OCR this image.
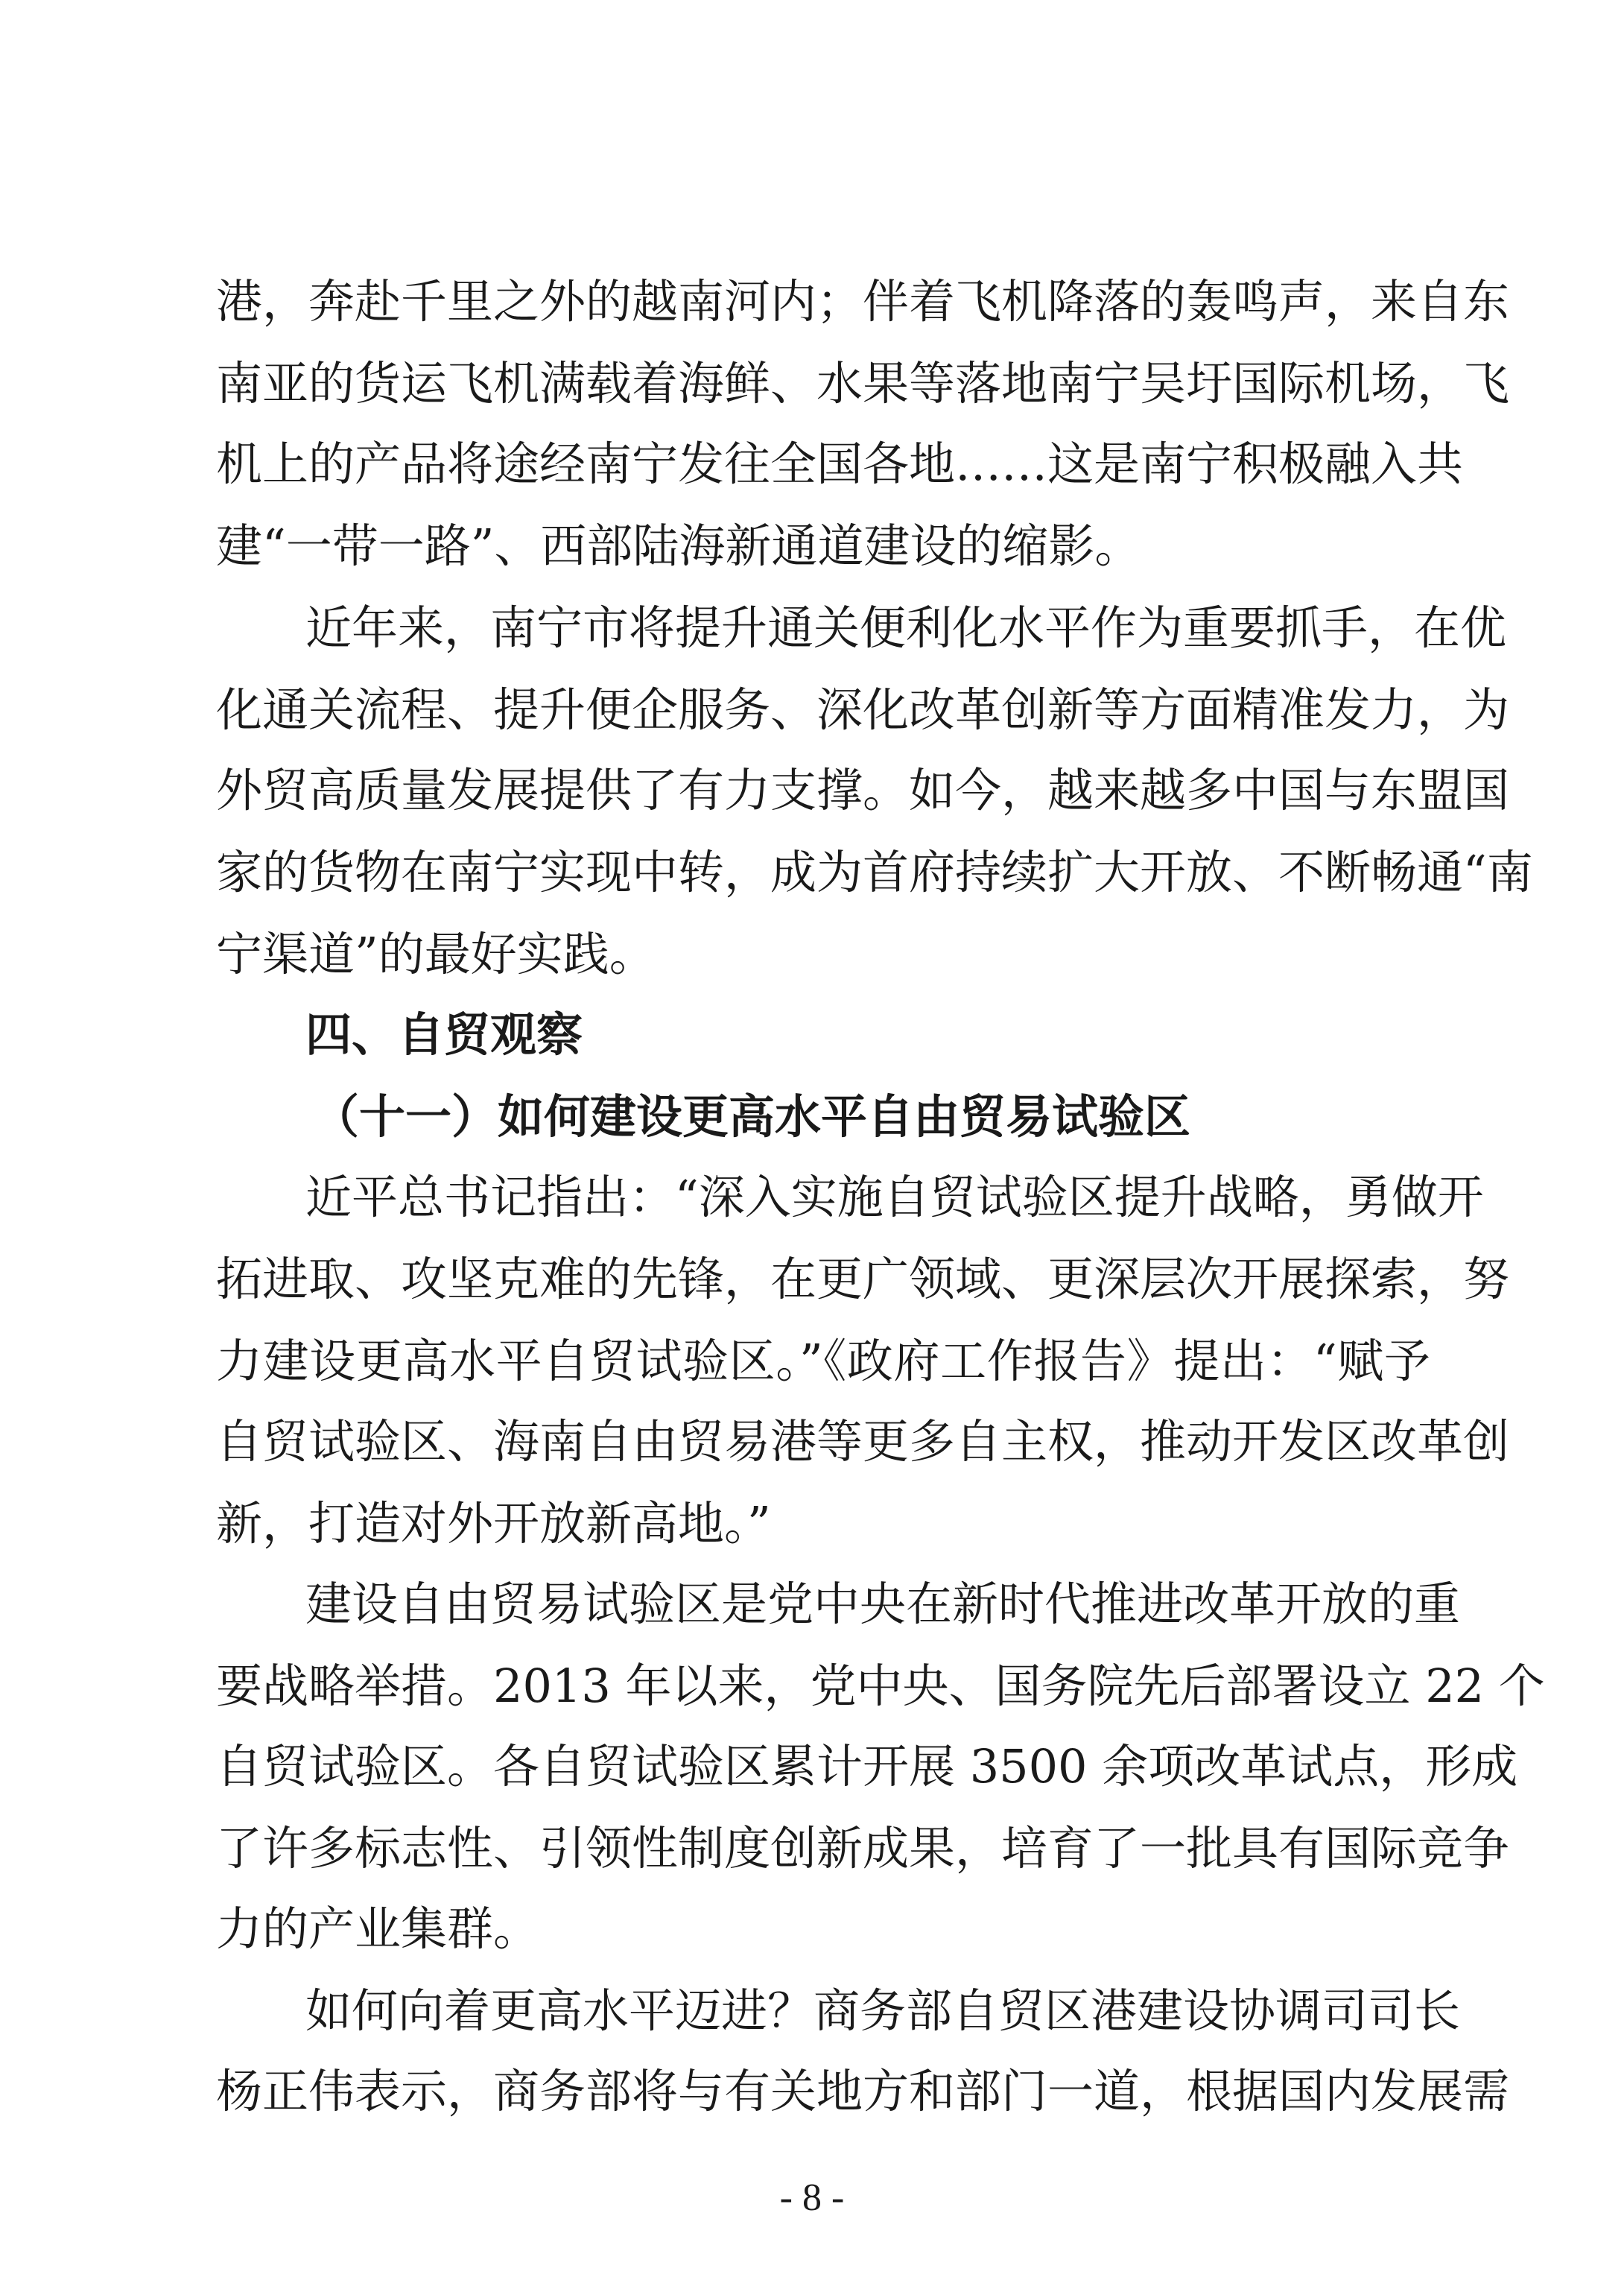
港，奔赴千里之外的越南河内；伴着飞机降落的轰鸣声，来自东
南亚的货运飞机满载着海鲜、水果等落地南宁吴圩国际机场，飞
机上的产品将途经南宁发往全国各地……这是南宁积极融入共
建“一带一路”、西部陆海新通道建设的缩影。
近年来，南宁市将提升通关便利化水平作为重要抓手，在优
化通关流程、提升便企服务、深化改革创新等方面精准发力，为
外贸高质量发展提供了有力支撑。如今，越来越多中国与东盟国
家的货物在南宁实现中转，成为首府持续扩大开放、不断畅通“南
宁渠道”的最好实践。
四、自贸观察
（十一）如何建设更高水平自由贸易试验区
近平总书记指出：“深入实施自贸试验区提升战略，勇做开
拓进取、攻坚克难的先锋，在更广领域、更深层次开展探索，努
力建设更高水平自贸试验区。”《政府工作报告》提出：“赋予
自贸试验区、海南自由贸易港等更多自主权，推动开发区改革创
新，打造对外开放新高地。”
建设自由贸易试验区是党中央在新时代推进改革开放的重
要战略举措。2013 年以来，党中央、国务院先后部署设立 22 个
自贸试验区。各自贸试验区累计开展 3500 余项改革试点，形成
了许多标志性、引领性制度创新成果，培育了一批具有国际竞争
力的产业集群。
如何向着更高水平迈进？商务部自贸区港建设协调司司长
杨正伟表示，商务部将与有关地方和部门一道，根据国内发展需
- 8 -
